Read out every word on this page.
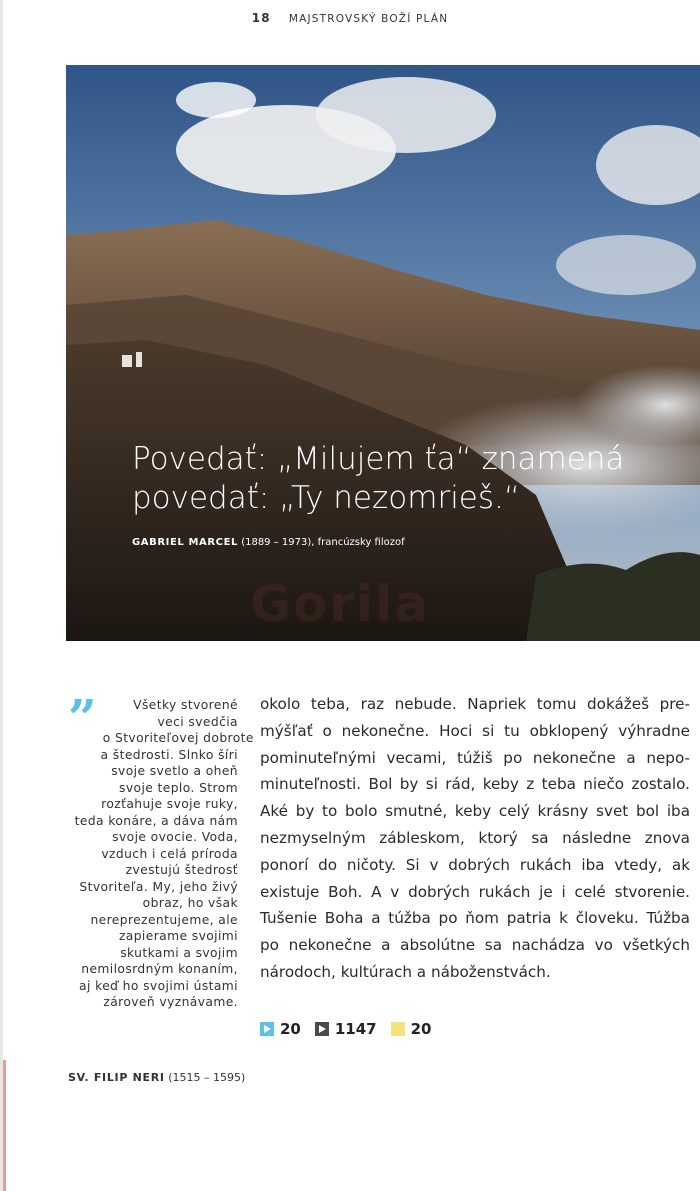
18 MAJSTROVSKÝ BOŽÍ PLÁN
Gorila
Povedať: „Milujem ťa“ znamená
povedať: „Ty nezomrieš.“
GABRIEL MARCEL (1889 – 1973), francúzsky filozof
”	Všetky stvorené
veci svedčia
o Stvoriteľovej dobrote
a štedrosti. Slnko šíri
svoje svetlo a oheň
svoje teplo. Strom
rozťahuje svoje ruky,
teda konáre, a dáva nám
svoje ovocie. Voda,
vzduch i celá príroda
zvestujú štedrosť
Stvoriteľa. My, jeho živý
obraz, ho však
nereprezentujeme, ale
zapierame svojimi
skutkami a svojim
nemilosrdným konaním,
aj keď ho svojimi ústami
zároveň vyznávame.
SV. FILIP NERI (1515 – 1595)
okolo teba, raz nebude. Napriek tomu dokážeš pre-
mýšľať o nekonečne. Hoci si tu obklopený výhradne
pominuteľnými vecami, túžiš po nekonečne a nepo-
minuteľnosti. Bol by si rád, keby z teba niečo zostalo.
Aké by to bolo smutné, keby celý krásny svet bol iba
nezmyselným zábleskom, ktorý sa následne znova
ponorí do ničoty. Si v dobrých rukách iba vtedy, ak
existuje Boh. A v dobrých rukách je i celé stvorenie.
Tušenie Boha a túžba po ňom patria k človeku. Túžba
po nekonečne a absolútne sa nachádza vo všetkých
národoch, kultúrach a náboženstvách.
20 1147 20
